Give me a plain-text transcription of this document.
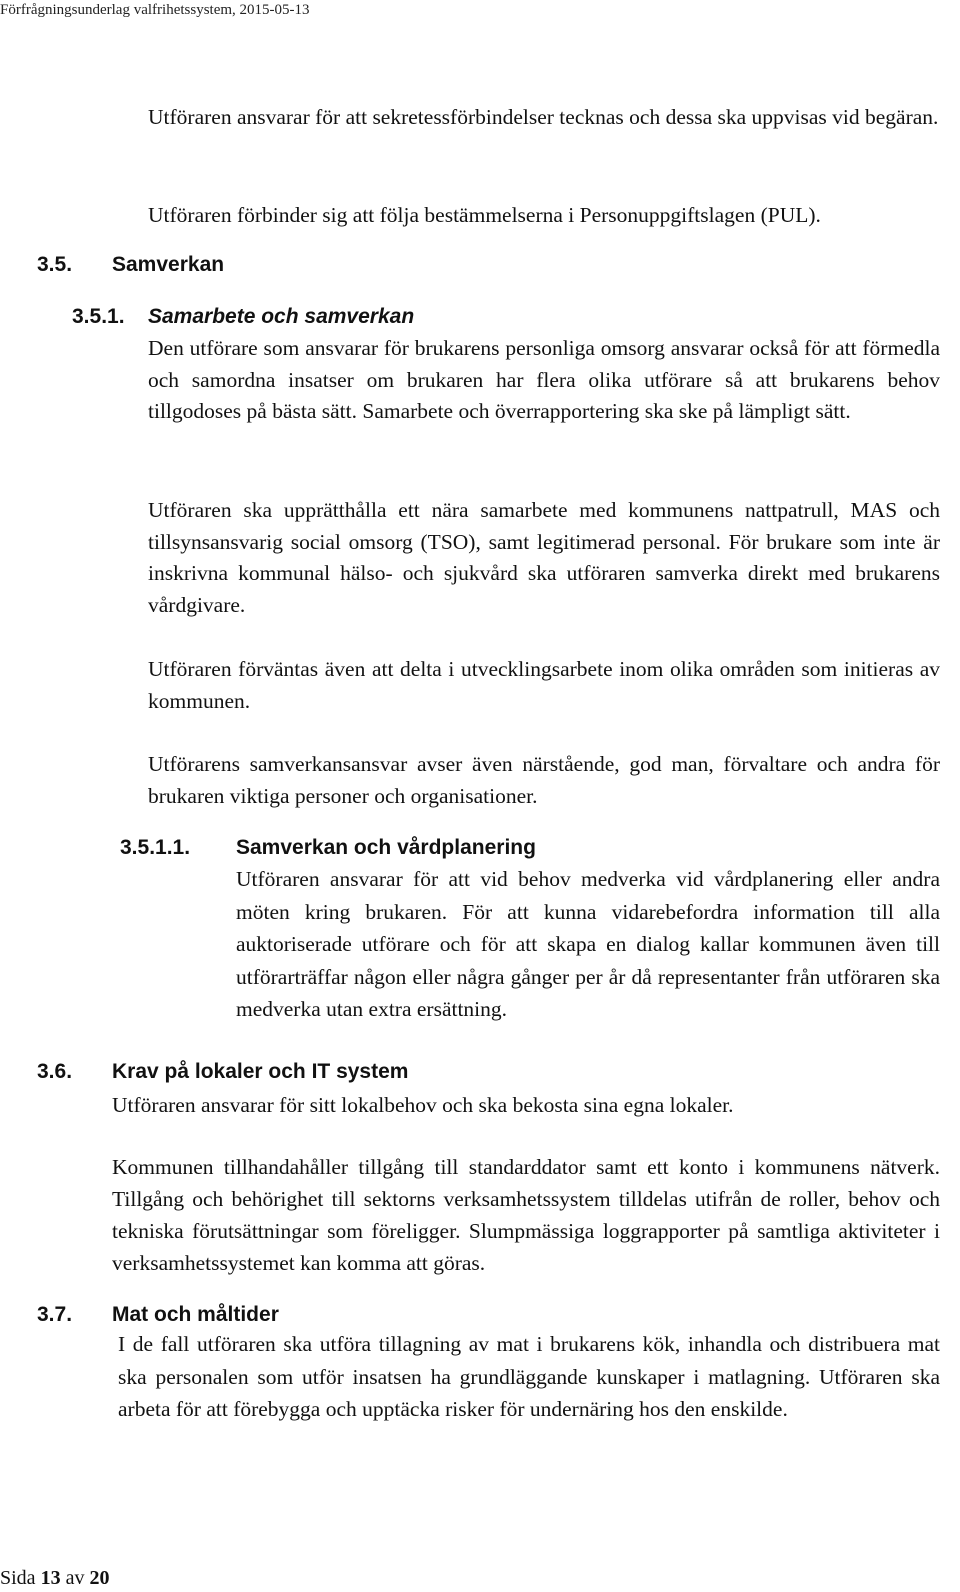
Förfrågningsunderlag valfrihetssystem, 2015-05-13

Utföraren ansvarar för att sekretessförbindelser tecknas och dessa ska uppvisas vid begäran.

Utföraren förbinder sig att följa bestämmelserna i Personuppgiftslagen (PUL).

3.5. Samverkan
3.5.1. Samarbete och samverkan

Den utförare som ansvarar för brukarens personliga omsorg ansvarar också för att förmedla och samordna insatser om brukaren har flera olika utförare så att brukarens behov tillgodoses på bästa sätt. Samarbete och överrapportering ska ske på lämpligt sätt.

Utföraren ska upprätthålla ett nära samarbete med kommunens nattpatrull, MAS och tillsynsansvarig social omsorg (TSO), samt legitimerad personal. För brukare som inte är inskrivna kommunal hälso- och sjukvård ska utföraren samverka direkt med brukarens vårdgivare.

Utföraren förväntas även att delta i utvecklingsarbete inom olika områden som initieras av kommunen.

Utförarens samverkansansvar avser även närstående, god man, förvaltare och andra för brukaren viktiga personer och organisationer.

3.5.1.1. Samverkan och vårdplanering

Utföraren ansvarar för att vid behov medverka vid vårdplanering eller andra möten kring brukaren. För att kunna vidarebefordra information till alla auktoriserade utförare och för att skapa en dialog kallar kommunen även till utförarträffar någon eller några gånger per år då representanter från utföraren ska medverka utan extra ersättning.

3.6. Krav på lokaler och IT system

Utföraren ansvarar för sitt lokalbehov och ska bekosta sina egna lokaler.

Kommunen tillhandahåller tillgång till standarddator samt ett konto i kommunens nätverk. Tillgång och behörighet till sektorns verksamhetssystem tilldelas utifrån de roller, behov och tekniska förutsättningar som föreligger. Slumpmässiga loggrapporter på samtliga aktiviteter i verksamhetssystemet kan komma att göras.

3.7. Mat och måltider

I de fall utföraren ska utföra tillagning av mat i brukarens kök, inhandla och distribuera mat ska personalen som utför insatsen ha grundläggande kunskaper i matlagning. Utföraren ska arbeta för att förebygga och upptäcka risker för undernäring hos den enskilde.

Sida 13 av 20
